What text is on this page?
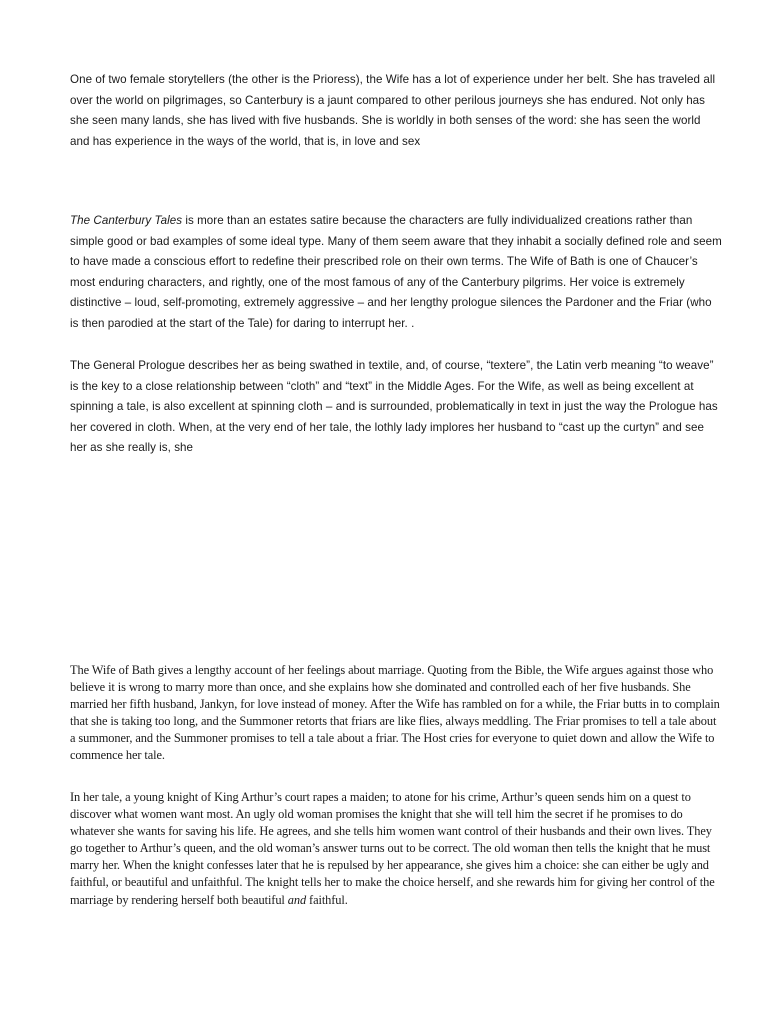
One of two female storytellers (the other is the Prioress), the Wife has a lot of experience under her belt. She has traveled all over the world on pilgrimages, so Canterbury is a jaunt compared to other perilous journeys she has endured. Not only has she seen many lands, she has lived with five husbands. She is worldly in both senses of the word: she has seen the world and has experience in the ways of the world, that is, in love and sex

The Canterbury Tales is more than an estates satire because the characters are fully individualized creations rather than simple good or bad examples of some ideal type. Many of them seem aware that they inhabit a socially defined role and seem to have made a conscious effort to redefine their prescribed role on their own terms. The Wife of Bath is one of Chaucer’s most enduring characters, and rightly, one of the most famous of any of the Canterbury pilgrims. Her voice is extremely distinctive – loud, self-promoting, extremely aggressive – and her lengthy prologue silences the Pardoner and the Friar (who is then parodied at the start of the Tale) for daring to interrupt her. .

The General Prologue describes her as being swathed in textile, and, of course, “textere”, the Latin verb meaning “to weave” is the key to a close relationship between “cloth” and “text” in the Middle Ages. For the Wife, as well as being excellent at spinning a tale, is also excellent at spinning cloth – and is surrounded, problematically in text in just the way the Prologue has her covered in cloth. When, at the very end of her tale, the lothly lady implores her husband to “cast up the curtyn” and see her as she really is, she

The Wife of Bath gives a lengthy account of her feelings about marriage. Quoting from the Bible, the Wife argues against those who believe it is wrong to marry more than once, and she explains how she dominated and controlled each of her five husbands. She married her fifth husband, Jankyn, for love instead of money. After the Wife has rambled on for a while, the Friar butts in to complain that she is taking too long, and the Summoner retorts that friars are like flies, always meddling. The Friar promises to tell a tale about a summoner, and the Summoner promises to tell a tale about a friar. The Host cries for everyone to quiet down and allow the Wife to commence her tale.

In her tale, a young knight of King Arthur’s court rapes a maiden; to atone for his crime, Arthur’s queen sends him on a quest to discover what women want most. An ugly old woman promises the knight that she will tell him the secret if he promises to do whatever she wants for saving his life. He agrees, and she tells him women want control of their husbands and their own lives. They go together to Arthur’s queen, and the old woman’s answer turns out to be correct. The old woman then tells the knight that he must marry her. When the knight confesses later that he is repulsed by her appearance, she gives him a choice: she can either be ugly and faithful, or beautiful and unfaithful. The knight tells her to make the choice herself, and she rewards him for giving her control of the marriage by rendering herself both beautiful and faithful.
